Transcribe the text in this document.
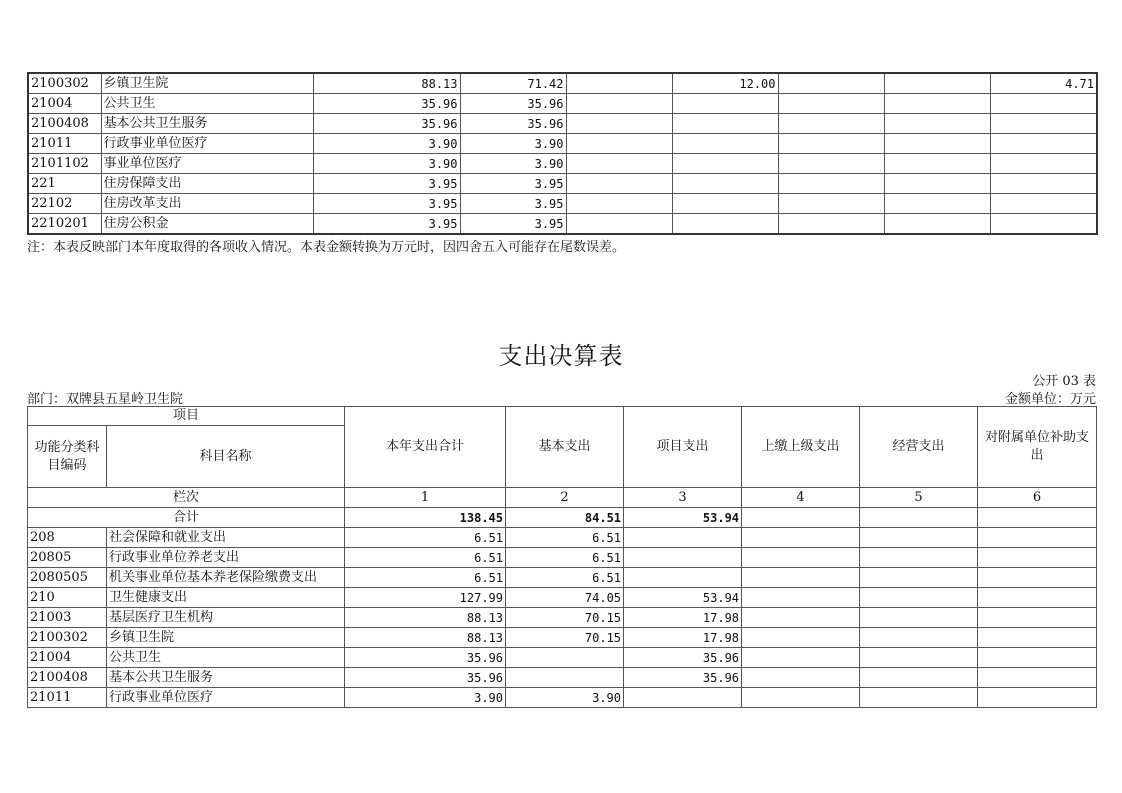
2100302	乡镇卫生院	88.13	71.42		12.00			4.71
21004	公共卫生	35.96	35.96					
2100408	基本公共卫生服务	35.96	35.96					
21011	行政事业单位医疗	3.90	3.90					
2101102	事业单位医疗	3.90	3.90					
221	住房保障支出	3.95	3.95					
22102	住房改革支出	3.95	3.95					
2210201	住房公积金	3.95	3.95					
注：本表反映部门本年度取得的各项收入情况。本表金额转换为万元时，因四舍五入可能存在尾数误差。
支出决算表
公开 03 表
部门：双牌县五星岭卫生院	金额单位：万元
项目		本年支出合计	基本支出	项目支出	上缴上级支出	经营支出	对附属单位补助支出
功能分类科目编码	科目名称						
栏次		1	2	3	4	5	6
合计		138.45	84.51	53.94			
208	社会保障和就业支出	6.51	6.51				
20805	行政事业单位养老支出	6.51	6.51				
2080505	机关事业单位基本养老保险缴费支出	6.51	6.51				
210	卫生健康支出	127.99	74.05	53.94			
21003	基层医疗卫生机构	88.13	70.15	17.98			
2100302	乡镇卫生院	88.13	70.15	17.98			
21004	公共卫生	35.96		35.96			
2100408	基本公共卫生服务	35.96		35.96			
21011	行政事业单位医疗	3.90	3.90				
